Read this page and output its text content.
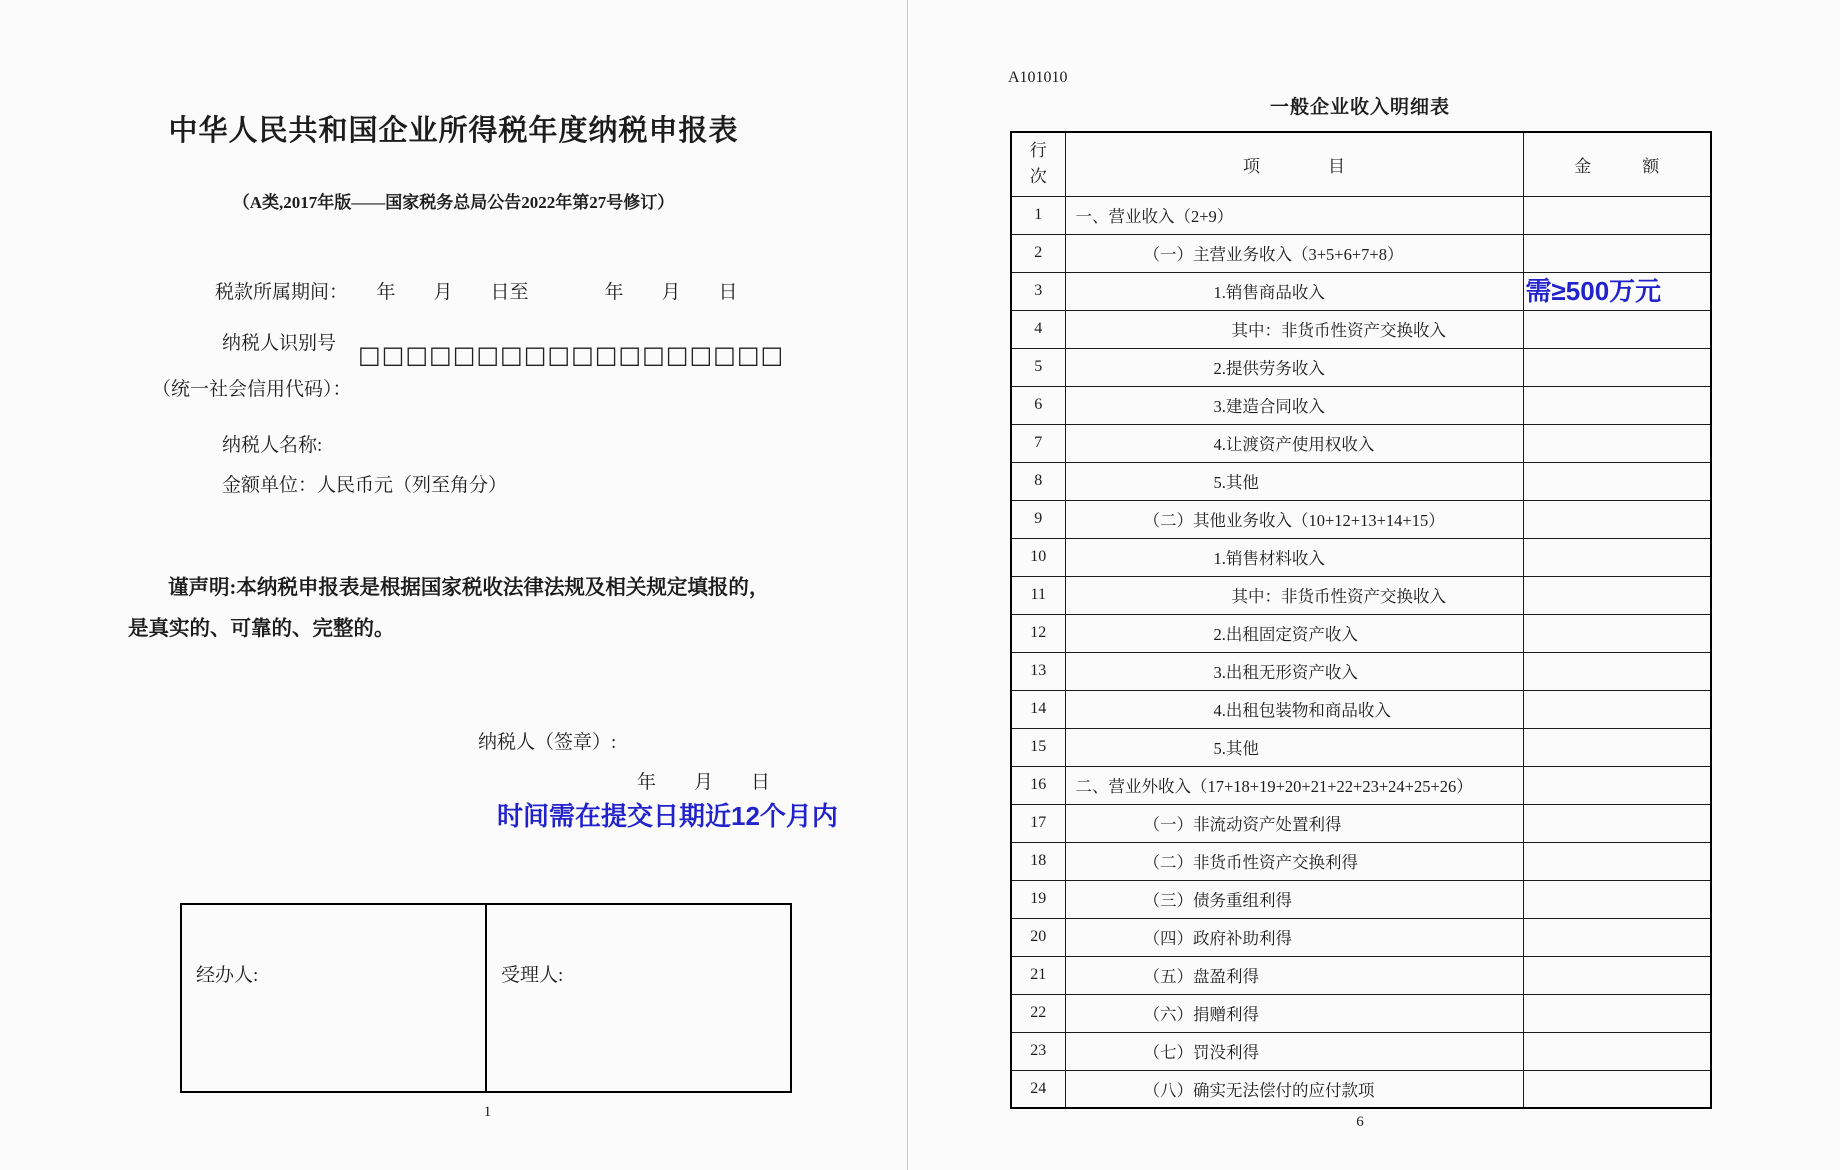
中华人民共和国企业所得税年度纳税申报表
（A类,2017年版——国家税务总局公告2022年第27号修订）
税款所属期间：　　年　　月　　日至　　　　年　　月　　日
纳税人识别号 □□□□□□□□□□□□□□□□□□
（统一社会信用代码）：
纳税人名称:
金额单位：人民币元（列至角分）
谨声明:本纳税申报表是根据国家税收法律法规及相关规定填报的，
是真实的、可靠的、完整的。
纳税人（签章）:
年　　月　　日
时间需在提交日期近12个月内
经办人:	受理人:
1
A101010
一般企业收入明细表
行次	项　　　　目	金　　　额
1	一、营业收入（2+9）	
2	（一）主营业务收入（3+5+6+7+8）	
3	1.销售商品收入	需≥500万元
4	其中：非货币性资产交换收入	
5	2.提供劳务收入	
6	3.建造合同收入	
7	4.让渡资产使用权收入	
8	5.其他	
9	（二）其他业务收入（10+12+13+14+15）	
10	1.销售材料收入	
11	其中：非货币性资产交换收入	
12	2.出租固定资产收入	
13	3.出租无形资产收入	
14	4.出租包装物和商品收入	
15	5.其他	
16	二、营业外收入（17+18+19+20+21+22+23+24+25+26）	
17	（一）非流动资产处置利得	
18	（二）非货币性资产交换利得	
19	（三）债务重组利得	
20	（四）政府补助利得	
21	（五）盘盈利得	
22	（六）捐赠利得	
23	（七）罚没利得	
24	（八）确实无法偿付的应付款项	
6
